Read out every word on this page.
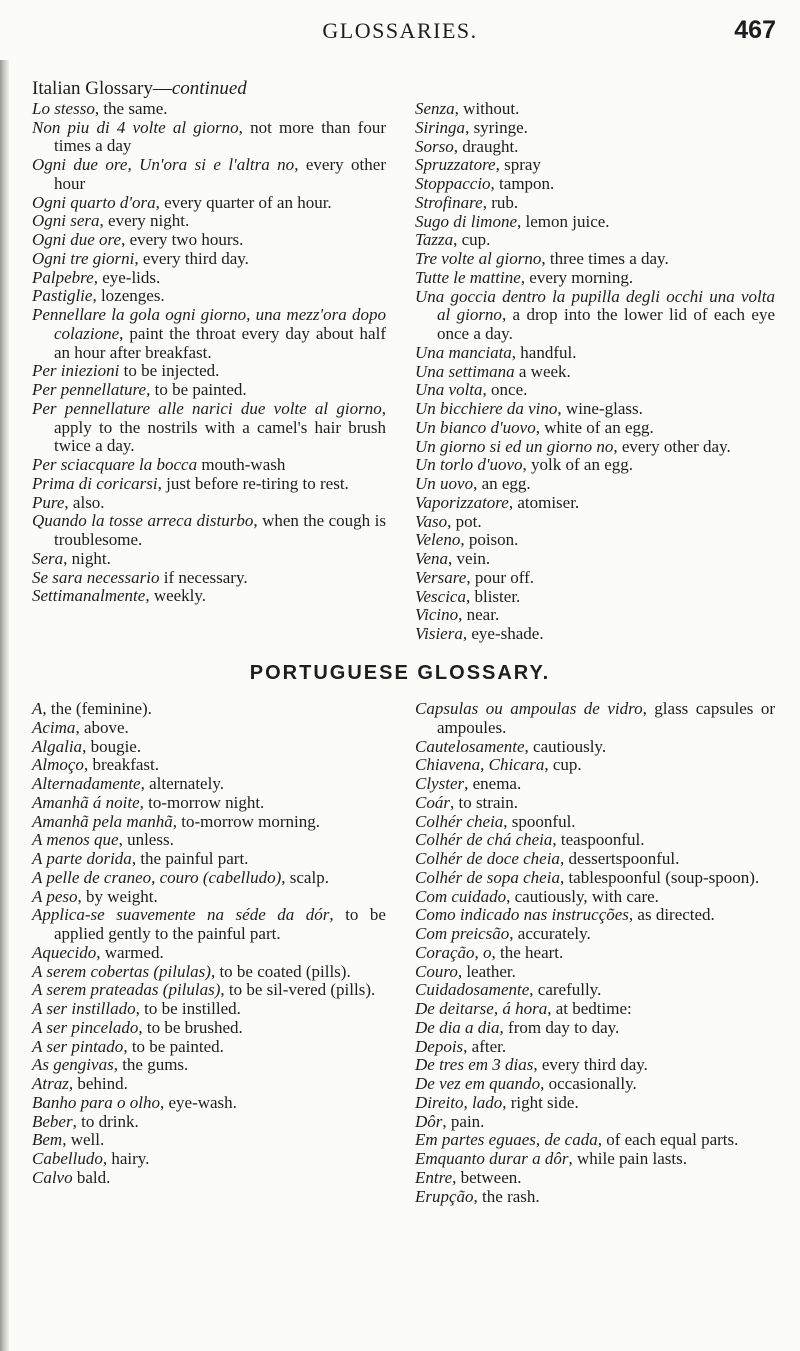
GLOSSARIES.	467

Italian Glossary—continued

Lo stesso, the same.

Non piu di 4 volte al giorno, not more than four times a day

Ogni due ore, Un'ora si e l'altra no, every other hour

Ogni quarto d'ora, every quarter of an hour.

Ogni sera, every night.

Ogni due ore, every two hours.

Ogni tre giorni, every third day.

Palpebre, eye-lids.

Pastiglie, lozenges.

Pennellare la gola ogni giorno, una mezz'ora dopo colazione, paint the throat every day about half an hour after breakfast.

Per iniezioni to be injected.

Per pennellature, to be painted.

Per pennellature alle narici due volte al giorno, apply to the nostrils with a camel's hair brush twice a day.

Per sciacquare la bocca mouth-wash

Prima di coricarsi, just before re-tiring to rest.

Pure, also.

Quando la tosse arreca disturbo, when the cough is troublesome.

Sera, night.

Se sara necessario if necessary.

Settimanalmente, weekly.

Senza, without.

Siringa, syringe.

Sorso, draught.

Spruzzatore, spray

Stoppaccio, tampon.

Strofinare, rub.

Sugo di limone, lemon juice.

Tazza, cup.

Tre volte al giorno, three times a day.

Tutte le mattine, every morning.

Una goccia dentro la pupilla degli occhi una volta al giorno, a drop into the lower lid of each eye once a day.

Una manciata, handful.

Una settimana a week.

Una volta, once.

Un bicchiere da vino, wine-glass.

Un bianco d'uovo, white of an egg.

Un giorno si ed un giorno no, every other day.

Un torlo d'uovo, yolk of an egg.

Un uovo, an egg.

Vaporizzatore, atomiser.

Vaso, pot.

Veleno, poison.

Vena, vein.

Versare, pour off.

Vescica, blister.

Vicino, near.

Visiera, eye-shade.

PORTUGUESE GLOSSARY.

A, the (feminine).

Acima, above.

Algalia, bougie.

Almoço, breakfast.

Alternadamente, alternately.

Amanhã á noite, to-morrow night.

Amanhã pela manhã, to-morrow morning.

A menos que, unless.

A parte dorida, the painful part.

A pelle de craneo, couro (cabelludo), scalp.

A peso, by weight.

Applica-se suavemente na séde da dór, to be applied gently to the painful part.

Aquecido, warmed.

A serem cobertas (pilulas), to be coated (pills).

A serem prateadas (pilulas), to be sil-vered (pills).

A ser instillado, to be instilled.

A ser pincelado, to be brushed.

A ser pintado, to be painted.

As gengivas, the gums.

Atraz, behind.

Banho para o olho, eye-wash.

Beber, to drink.

Bem, well.

Cabelludo, hairy.

Calvo bald.

Capsulas ou ampoulas de vidro, glass capsules or ampoules.

Cautelosamente, cautiously.

Chiavena, Chicara, cup.

Clyster, enema.

Coár, to strain.

Colhér cheia, spoonful.

Colhér de chá cheia, teaspoonful.

Colhér de doce cheia, dessertspoonful.

Colhér de sopa cheia, tablespoonful (soup-spoon).

Com cuidado, cautiously, with care.

Como indicado nas instrucções, as directed.

Com preicsão, accurately.

Coração, o, the heart.

Couro, leather.

Cuidadosamente, carefully.

De deitarse, á hora, at bedtime:

De dia a dia, from day to day.

Depois, after.

De tres em 3 dias, every third day.

De vez em quando, occasionally.

Direito, lado, right side.

Dôr, pain.

Em partes eguaes, de cada, of each equal parts.

Emquanto durar a dôr, while pain lasts.

Entre, between.

Erupção, the rash.
